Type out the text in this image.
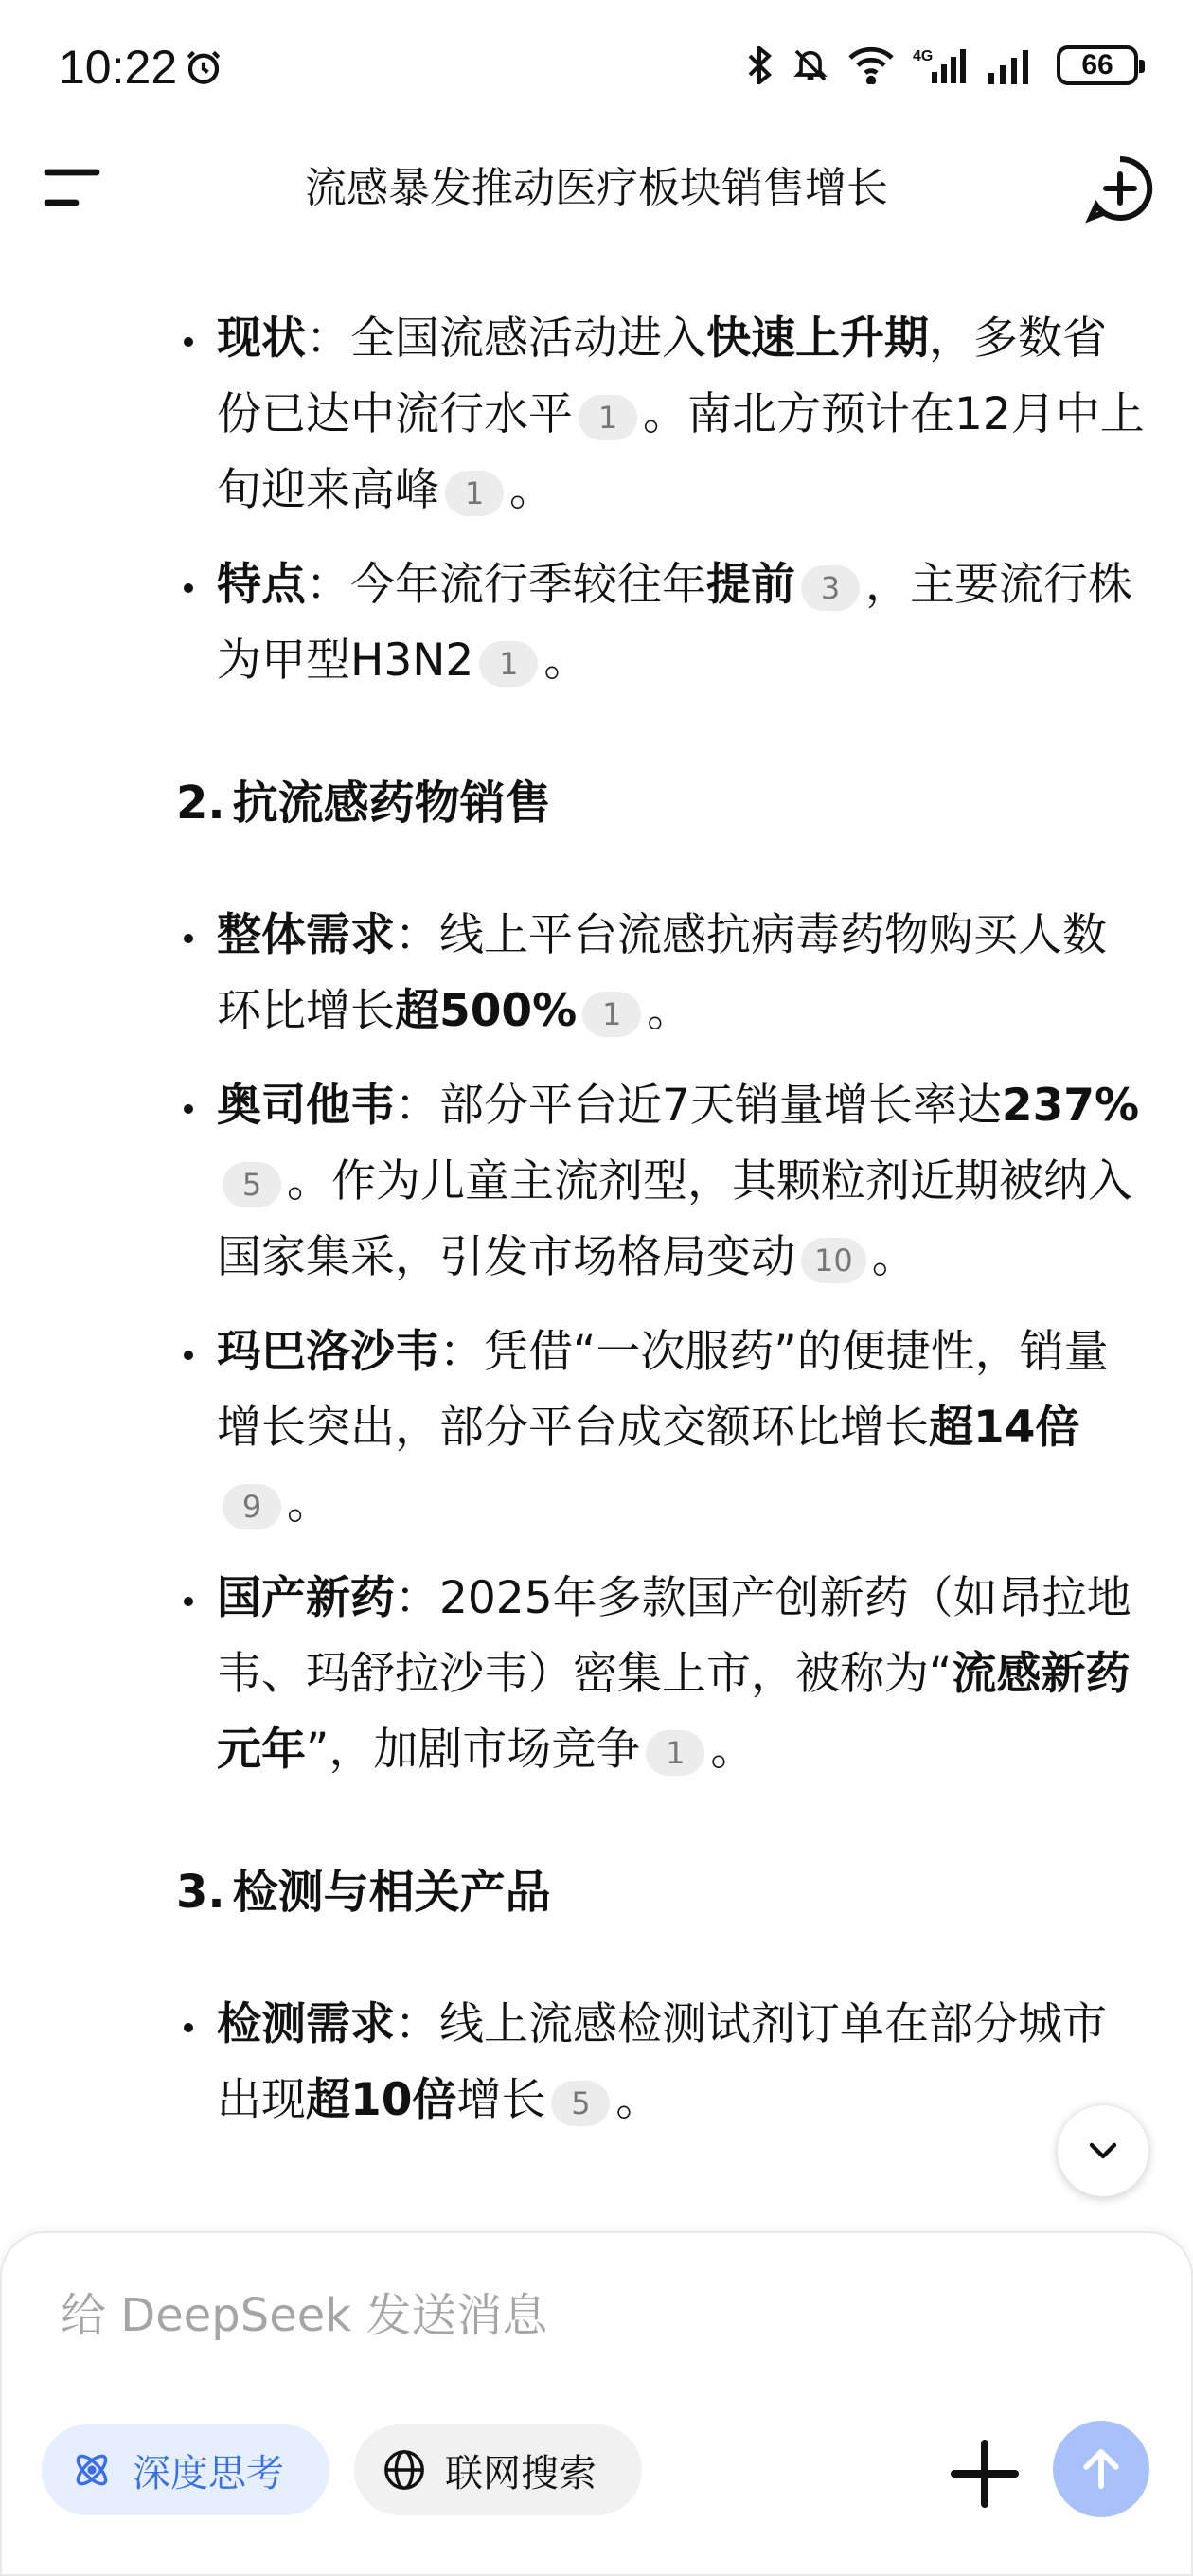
10:22	4G	66
流感暴发推动医疗板块销售增长
现状：全国流感活动进入快速上升期，多数省份已达中流行水平 1 。南北方预计在12月中上旬迎来高峰 1 。
特点：今年流行季较往年提前 3 ，主要流行株为甲型H3N2 1 。
2. 抗流感药物销售
整体需求：线上平台流感抗病毒药物购买人数环比增长超500% 1 。
奥司他韦：部分平台近7天销量增长率达237%5 。作为儿童主流剂型，其颗粒剂近期被纳入国家集采，引发市场格局变动 10 。
玛巴洛沙韦：凭借“一次服药”的便捷性，销量增长突出，部分平台成交额环比增长超14倍9 。
国产新药：2025年多款国产创新药（如昂拉地韦、玛舒拉沙韦）密集上市，被称为“流感新药元年”，加剧市场竞争 1 。
3. 检测与相关产品
检测需求：线上流感检测试剂订单在部分城市出现超10倍增长 5 。
给 DeepSeek 发送消息
深度思考	联网搜索
